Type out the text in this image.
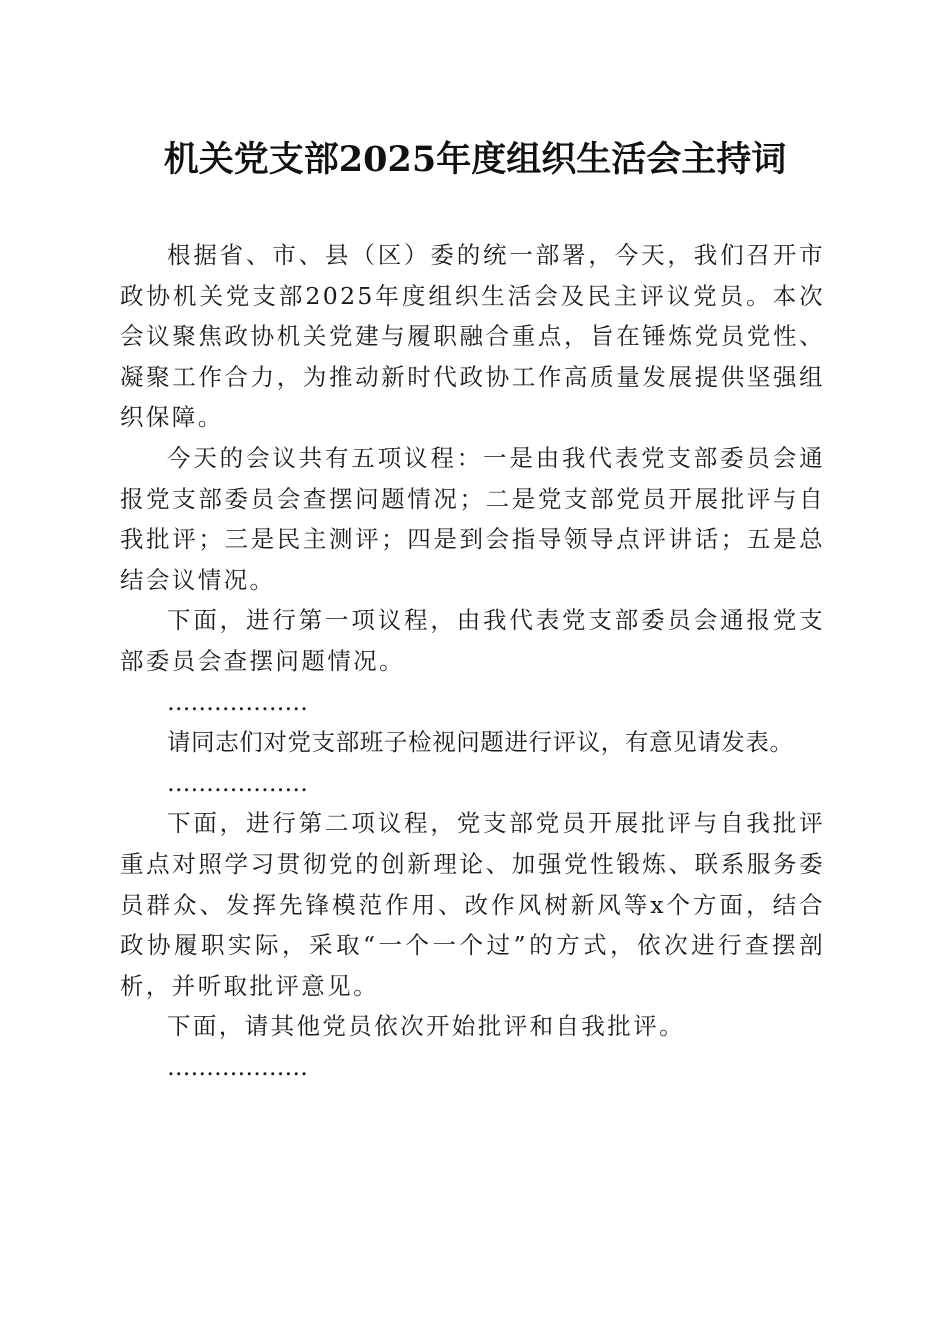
机关党支部2025年度组织生活会主持词

根据省、市、县（区）委的统一部署，今天，我们召开市政协机关党支部2025年度组织生活会及民主评议党员。本次会议聚焦政协机关党建与履职融合重点，旨在锤炼党员党性、凝聚工作合力，为推动新时代政协工作高质量发展提供坚强组织保障。

今天的会议共有五项议程：一是由我代表党支部委员会通报党支部委员会查摆问题情况；二是党支部党员开展批评与自我批评；三是民主测评；四是到会指导领导点评讲话；五是总结会议情况。

下面，进行第一项议程，由我代表党支部委员会通报党支部委员会查摆问题情况。

………………

请同志们对党支部班子检视问题进行评议，有意见请发表。

………………

下面，进行第二项议程，党支部党员开展批评与自我批评重点对照学习贯彻党的创新理论、加强党性锻炼、联系服务委员群众、发挥先锋模范作用、改作风树新风等x个方面，结合政协履职实际，采取“一个一个过”的方式，依次进行查摆剖析，并听取批评意见。

下面，请其他党员依次开始批评和自我批评。

………………
